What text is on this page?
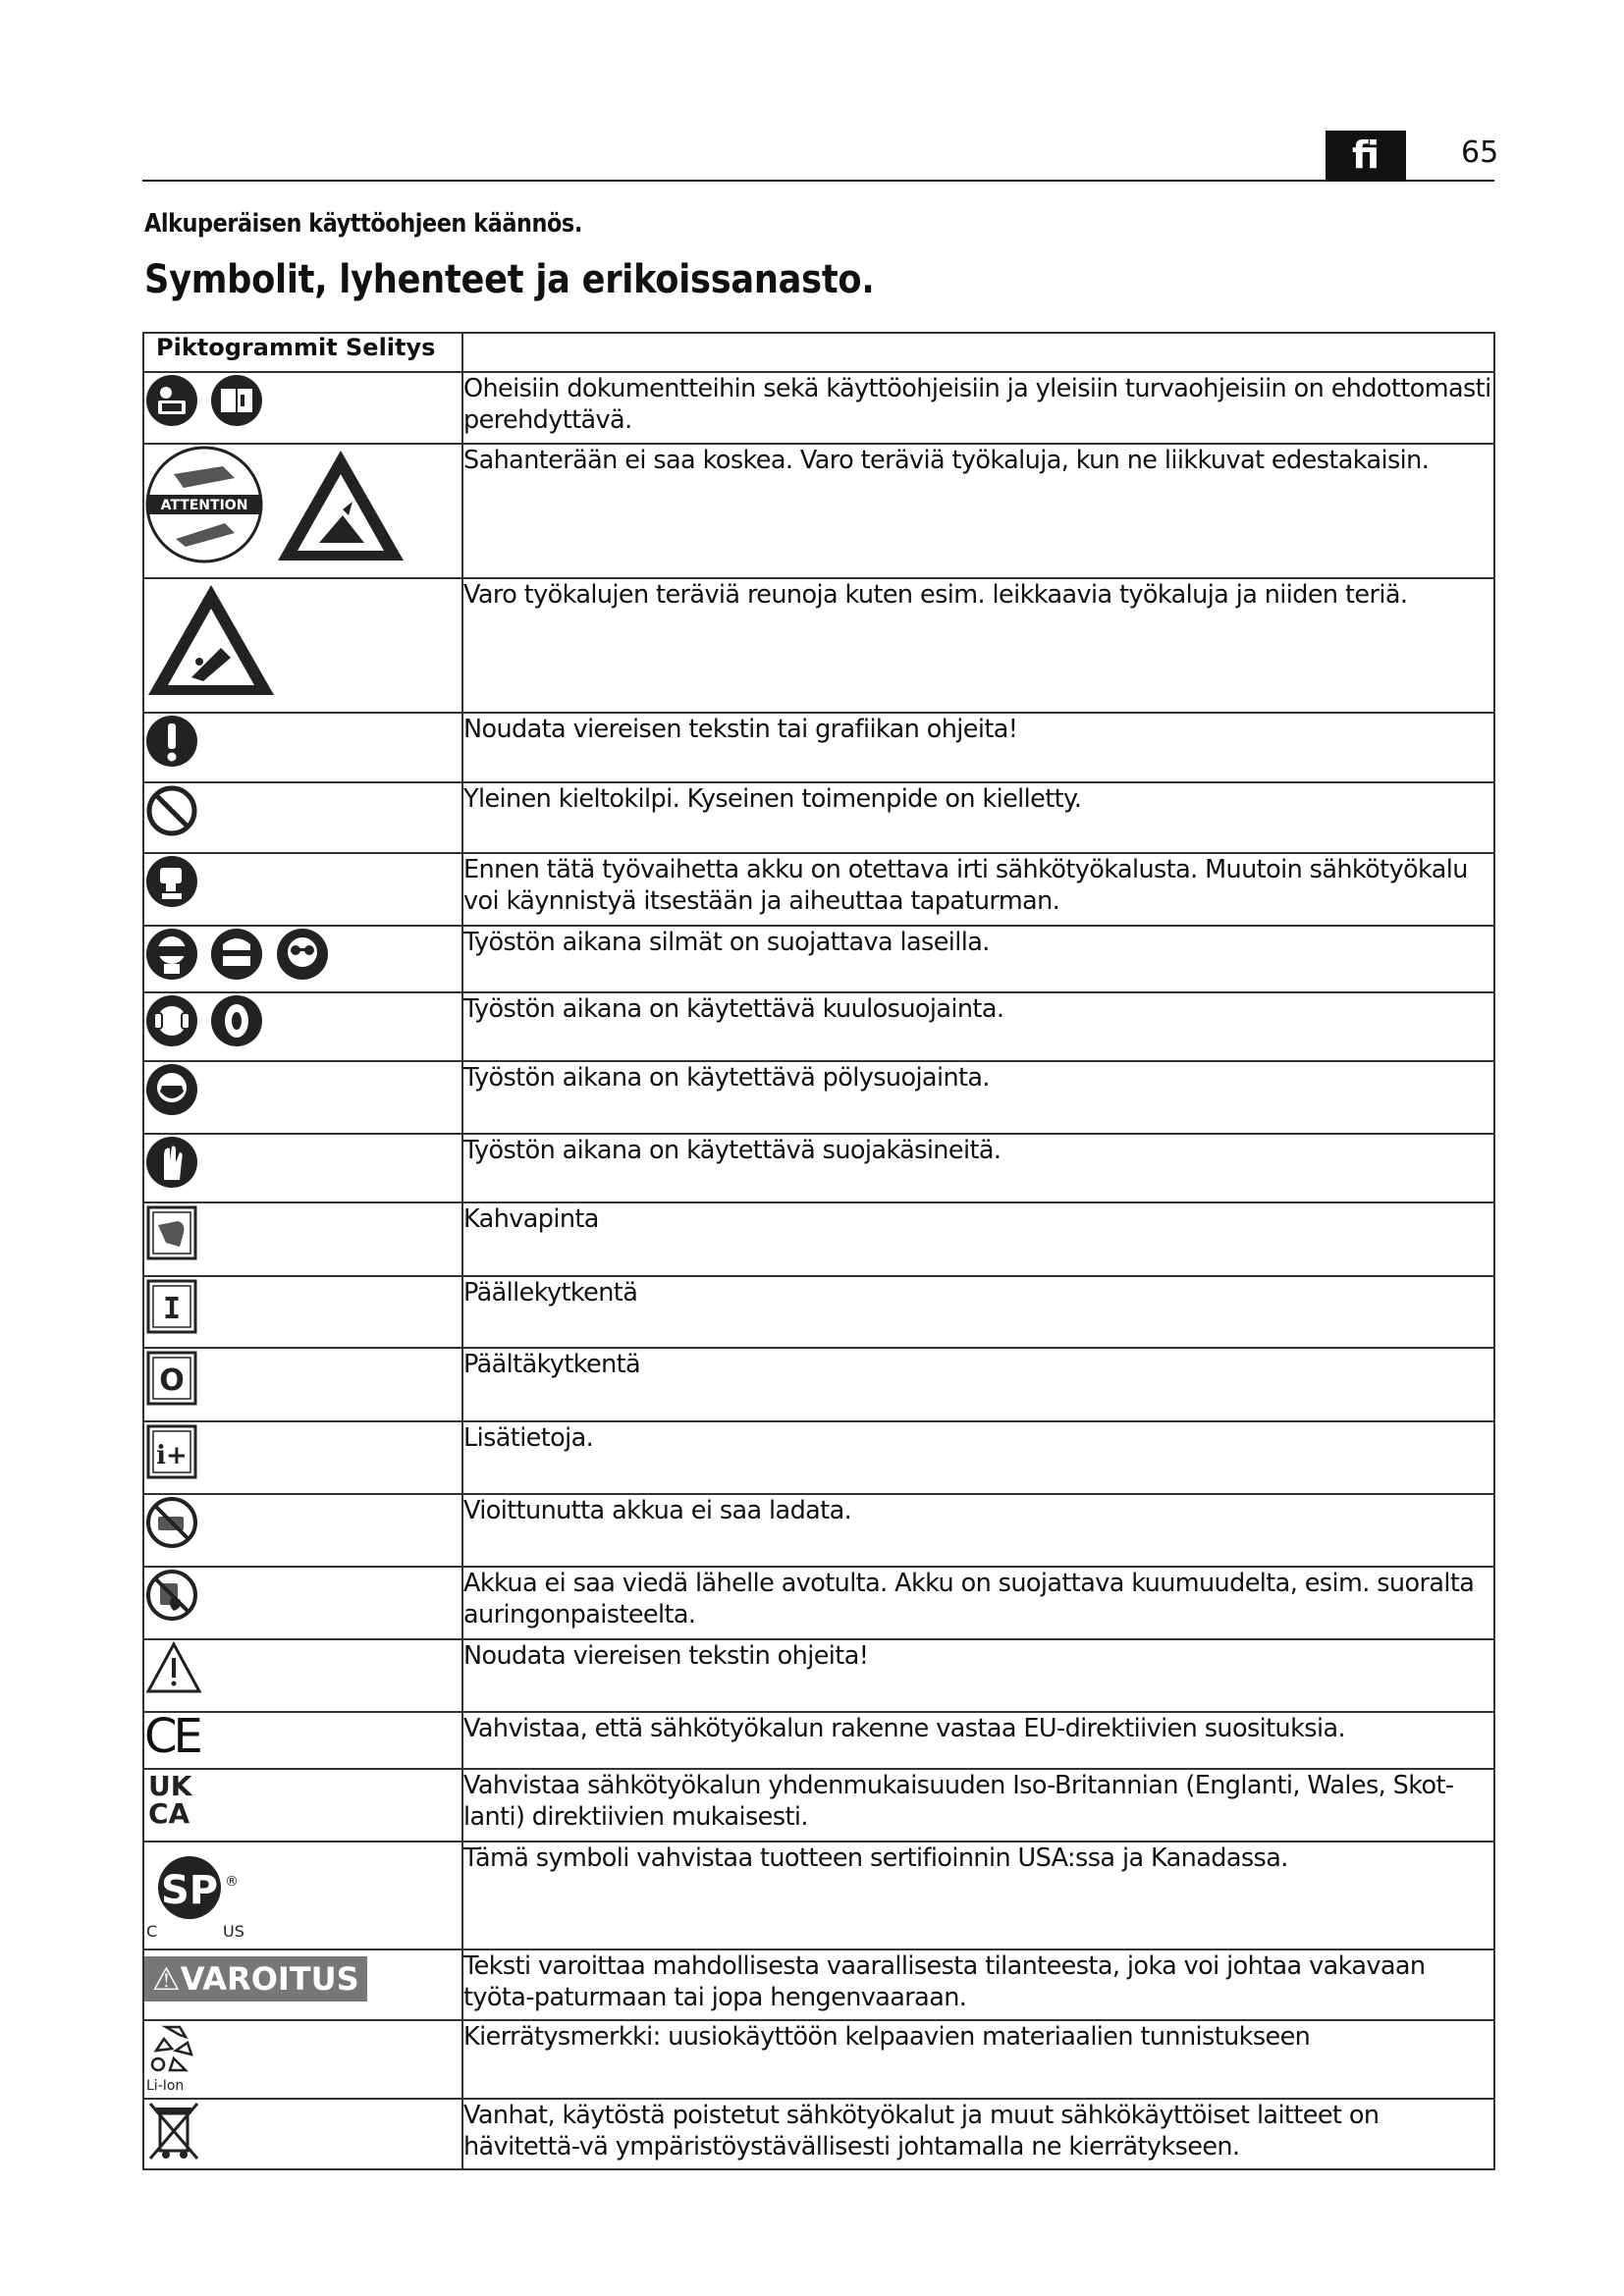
fi	65
Alkuperäisen käyttöohjeen käännös.
Symbolit, lyhenteet ja erikoissanasto.
Piktogrammit Selitys	

	Oheisiin dokumentteihin sekä käyttöohjeisiin ja yleisiin turvaohjeisiin on ehdottomasti perehdyttävä.

ATTENTION	Sahanterään ei saa koskea. Varo teräviä työkaluja, kun ne liikkuvat edestakaisin.

	Varo työkalujen teräviä reunoja kuten esim. leikkaavia työkaluja ja niiden teriä.

	Noudata viereisen tekstin tai grafiikan ohjeita!

	Yleinen kieltokilpi. Kyseinen toimenpide on kielletty.

	Ennen tätä työvaihetta akku on otettava irti sähkötyökalusta. Muutoin sähkötyökalu voi käynnistyä itsestään ja aiheuttaa tapaturman.

	Työstön aikana silmät on suojattava laseilla.

	Työstön aikana on käytettävä kuulosuojainta.

	Työstön aikana on käytettävä pölysuojainta.

	Työstön aikana on käytettävä suojakäsineitä.

	Kahvapinta

I	Päällekytkentä

O	Päältäkytkentä

i+	Lisätietoja.

	Vioittunutta akkua ei saa ladata.

	Akkua ei saa viedä lähelle avotulta. Akku on suojattava kuumuudelta, esim. suoralta auringonpaisteelta.

	Noudata viereisen tekstin ohjeita!
CE	Vahvistaa, että sähkötyökalun rakenne vastaa EU-direktiivien suosituksia.

UK
CA	Vahvistaa sähkötyökalun yhdenmukaisuuden Iso-Britannian (Englanti, Wales, Skot-lanti) direktiivien mukaisesti.

SP ®
C US	Tämä symboli vahvistaa tuotteen sertifioinnin USA:ssa ja Kanadassa.
⚠VAROITUS	Teksti varoittaa mahdollisesta vaarallisesta tilanteesta, joka voi johtaa vakavaan työta-paturmaan tai jopa hengenvaaraan.

Li-Ion	Kierrätysmerkki: uusiokäyttöön kelpaavien materiaalien tunnistukseen

	Vanhat, käytöstä poistetut sähkötyökalut ja muut sähkökäyttöiset laitteet on hävitettä-vä ympäristöystävällisesti johtamalla ne kierrätykseen.
